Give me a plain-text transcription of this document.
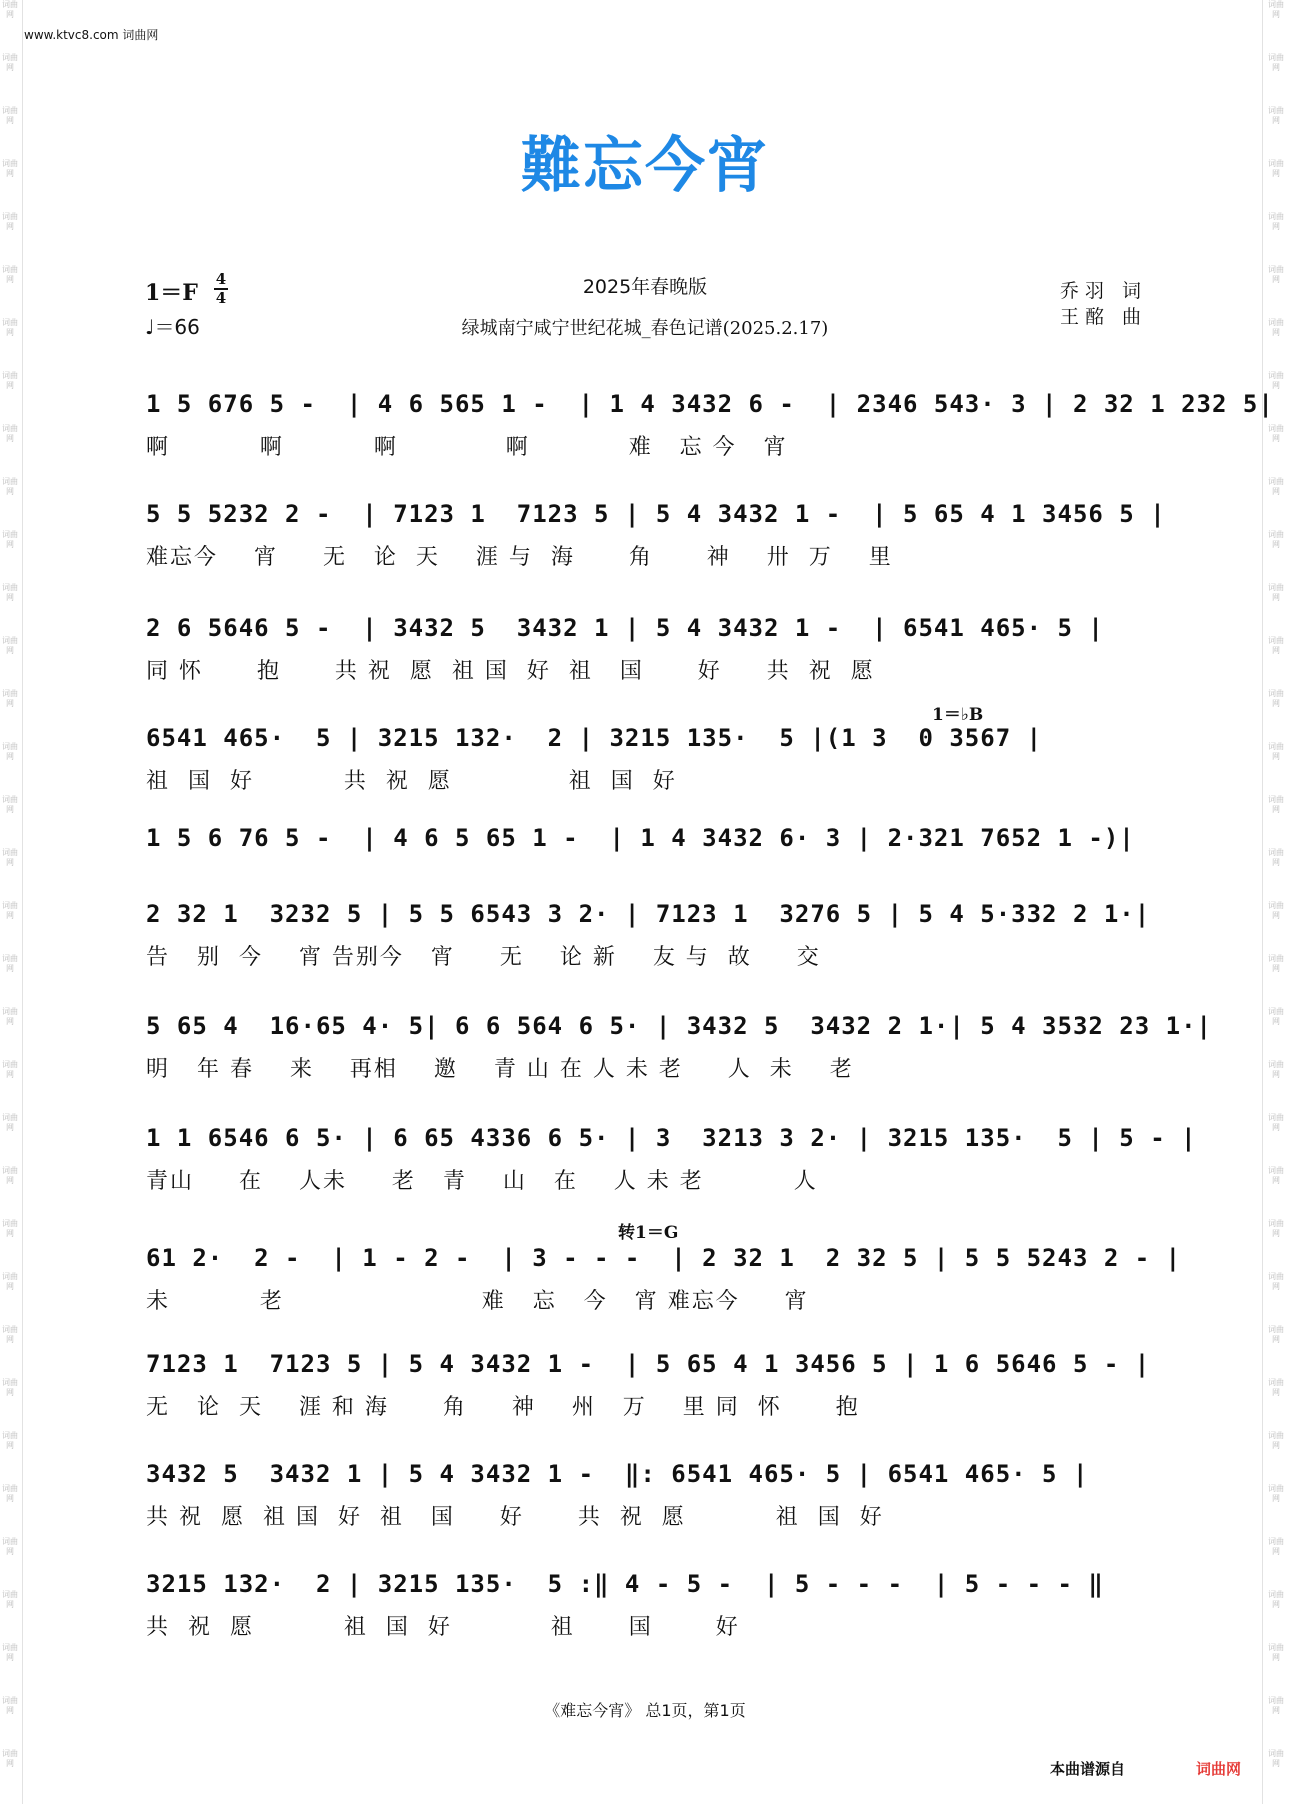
词曲网
词曲网
词曲网
词曲网
词曲网
词曲网
词曲网
词曲网
词曲网
词曲网
词曲网
词曲网
词曲网
词曲网
词曲网
词曲网
词曲网
词曲网
词曲网
词曲网
词曲网
词曲网
词曲网
词曲网
词曲网
词曲网
词曲网
词曲网
词曲网
词曲网
词曲网
词曲网
词曲网
词曲网
词曲网
词曲网
词曲网
词曲网
词曲网
词曲网
词曲网
词曲网
词曲网
词曲网
词曲网
词曲网
词曲网
词曲网
词曲网
词曲网
词曲网
词曲网
词曲网
词曲网
词曲网
词曲网
词曲网
词曲网
词曲网
词曲网
词曲网
词曲网
词曲网
词曲网
词曲网
词曲网
词曲网
词曲网
www.ktvc8.com 词曲网
難忘今宵
1＝F
4
4
♩＝66
2025年春晚版
绿城南宁咸宁世纪花城_春色记谱(2025.2.17)
乔羽 词
王酩 曲
1＝♭B
转1＝G
1 5 676 5 -  | 4 6 565 1 -  | 1 4 3432 6 -  | 2346 543· 3 | 2 32 1 232 5|
啊          啊          啊            啊           难   忘 今   宵
5 5 5232 2 -  | 7123 1  7123 5 | 5 4 3432 1 -  | 5 65 4 1 3456 5 |
难忘今    宵     无   论  天    涯 与  海      角      神    卅  万    里
2 6 5646 5 -  | 3432 5  3432 1 | 5 4 3432 1 -  | 6541 465· 5 |
同 怀      抱      共 祝  愿  祖 国  好  祖   国      好     共  祝  愿
6541 465·  5 | 3215 132·  2 | 3215 135·  5 |(1 3  0 3567 |
祖  国  好          共  祝  愿             祖  国  好
1 5 6 76 5 -  | 4 6 5 65 1 -  | 1 4 3432 6· 3 | 2·321 7652 1 -)|
2 32 1  3232 5 | 5 5 6543 3 2· | 7123 1  3276 5 | 5 4 5·332 2 1·|
告   别  今    宵 告别今   宵     无    论 新    友 与  故     交
5 65 4  16·65 4· 5| 6 6 564 6 5· | 3432 5  3432 2 1·| 5 4 3532 23 1·|
明   年 春    来    再相    邀    青 山 在 人 未 老     人  未    老
1 1 6546 6 5· | 6 65 4336 6 5· | 3  3213 3 2· | 3215 135·  5 | 5 - |
青山     在    人未     老   青    山   在    人 未 老          人
61 2·  2 -  | 1 - 2 -  | 3 - - -  | 2 32 1  2 32 5 | 5 5 5243 2 - |
未          老                      难   忘   今   宵 难忘今     宵
7123 1  7123 5 | 5 4 3432 1 -  | 5 65 4 1 3456 5 | 1 6 5646 5 - |
无   论  天    涯 和 海      角     神    州   万    里 同  怀      抱
3432 5  3432 1 | 5 4 3432 1 -  ‖: 6541 465· 5 | 6541 465· 5 |
共 祝  愿  祖 国  好  祖   国     好      共  祝  愿          祖  国  好
3215 132·  2 | 3215 135·  5 :‖ 4 - 5 -  | 5 - - -  | 5 - - - ‖
共  祝  愿          祖  国  好           祖      国       好
《难忘今宵》 总1页，第1页
本曲谱源自	词曲网
